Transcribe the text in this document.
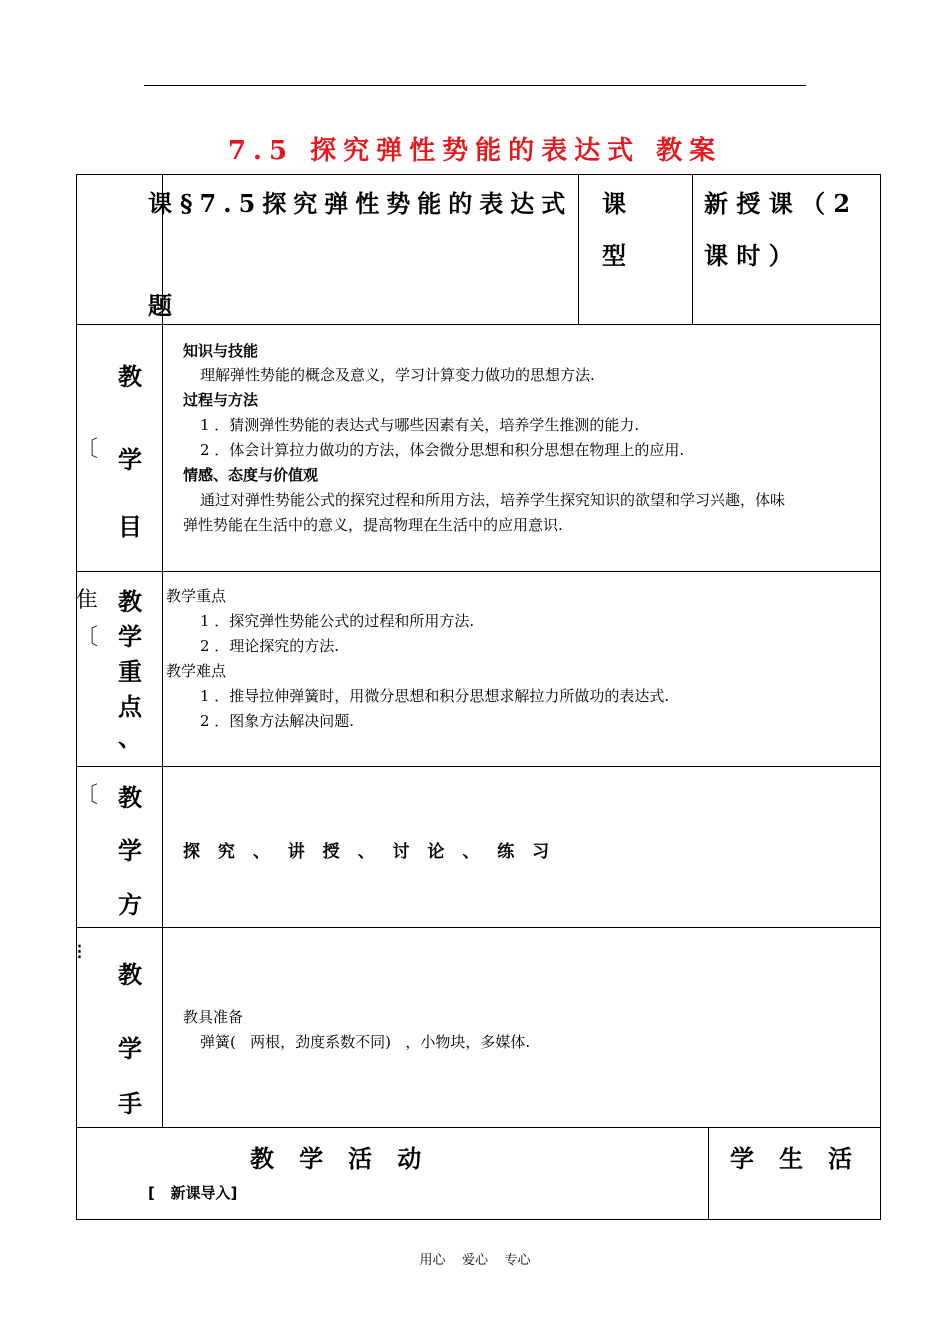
7.5 探究弹性势能的表达式 教案
课 §7.5探究弹性势能的表达式
题
课
型
新 授 课 （ 2
课 时 ）
〔
教
学
目
知识与技能
理解弹性势能的概念及意义，学习计算变力做功的思想方法.
过程与方法
1 ．猜测弹性势能的表达式与哪些因素有关，培养学生推测的能力.
2 ．体会计算拉力做功的方法，体会微分思想和积分思想在物理上的应用.
情感、态度与价值观
通过对弹性势能公式的探究过程和所用方法，培养学生探究知识的欲望和学习兴趣，体味
弹性势能在生活中的意义，提高物理在生活中的应用意识.
隹
〔
教
学
重
点
、
教学重点
1 ．探究弹性势能公式的过程和所用方法.
2 ．理论探究的方法.
教学难点
1 ．推导拉伸弹簧时，用微分思想和积分思想求解拉力所做功的表达式.
2 ．图象方法解决问题.
〔 教
学
方
探 究 、 讲 授 、 讨 论 、 练 习
⁝
教
学
手
教具准备
弹簧(   两根，劲度系数不同)   ，小物块，多媒体.
教   学   活   动	学   生   活
[   新课导入]
用心    爱心    专心
